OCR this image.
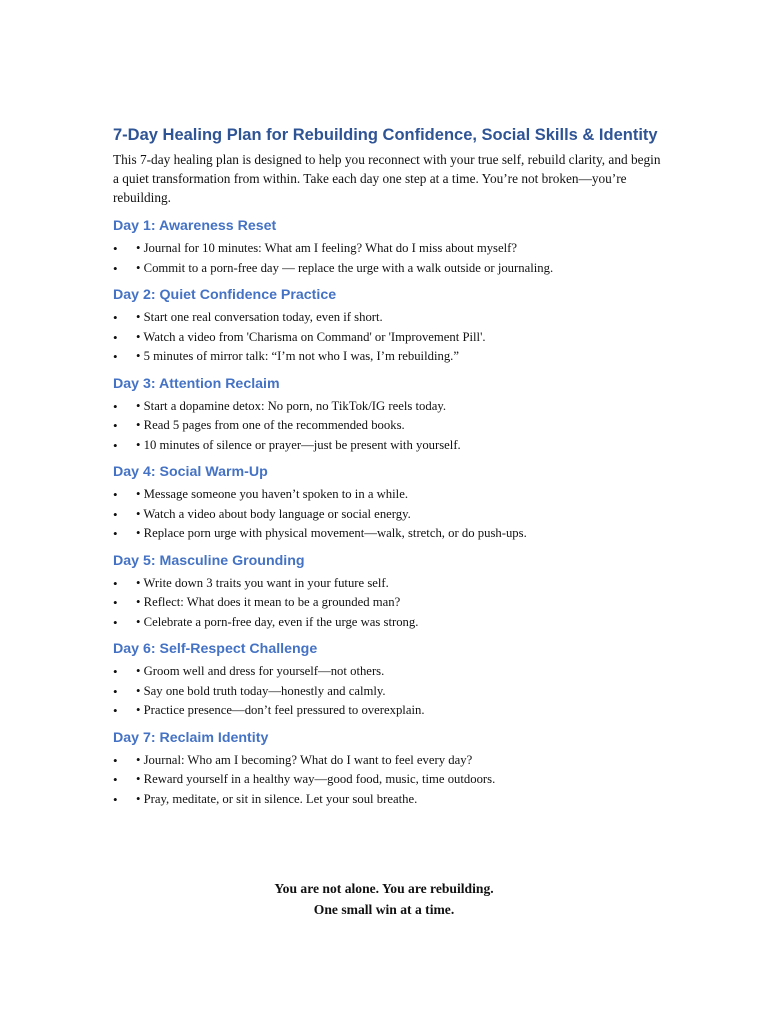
7-Day Healing Plan for Rebuilding Confidence, Social Skills & Identity

This 7-day healing plan is designed to help you reconnect with your true self, rebuild clarity, and begin a quiet transformation from within. Take each day one step at a time. You’re not broken—you’re rebuilding.

Day 1: Awareness Reset
• • Journal for 10 minutes: What am I feeling? What do I miss about myself?
• • Commit to a porn-free day — replace the urge with a walk outside or journaling.
Day 2: Quiet Confidence Practice
• • Start one real conversation today, even if short.
• • Watch a video from 'Charisma on Command' or 'Improvement Pill'.
• • 5 minutes of mirror talk: “I’m not who I was, I’m rebuilding.”
Day 3: Attention Reclaim
• • Start a dopamine detox: No porn, no TikTok/IG reels today.
• • Read 5 pages from one of the recommended books.
• • 10 minutes of silence or prayer—just be present with yourself.
Day 4: Social Warm-Up
• • Message someone you haven’t spoken to in a while.
• • Watch a video about body language or social energy.
• • Replace porn urge with physical movement—walk, stretch, or do push-ups.
Day 5: Masculine Grounding
• • Write down 3 traits you want in your future self.
• • Reflect: What does it mean to be a grounded man?
• • Celebrate a porn-free day, even if the urge was strong.
Day 6: Self-Respect Challenge
• • Groom well and dress for yourself—not others.
• • Say one bold truth today—honestly and calmly.
• • Practice presence—don’t feel pressured to overexplain.
Day 7: Reclaim Identity
• • Journal: Who am I becoming? What do I want to feel every day?
• • Reward yourself in a healthy way—good food, music, time outdoors.
• • Pray, meditate, or sit in silence. Let your soul breathe.
You are not alone. You are rebuilding.
One small win at a time.
